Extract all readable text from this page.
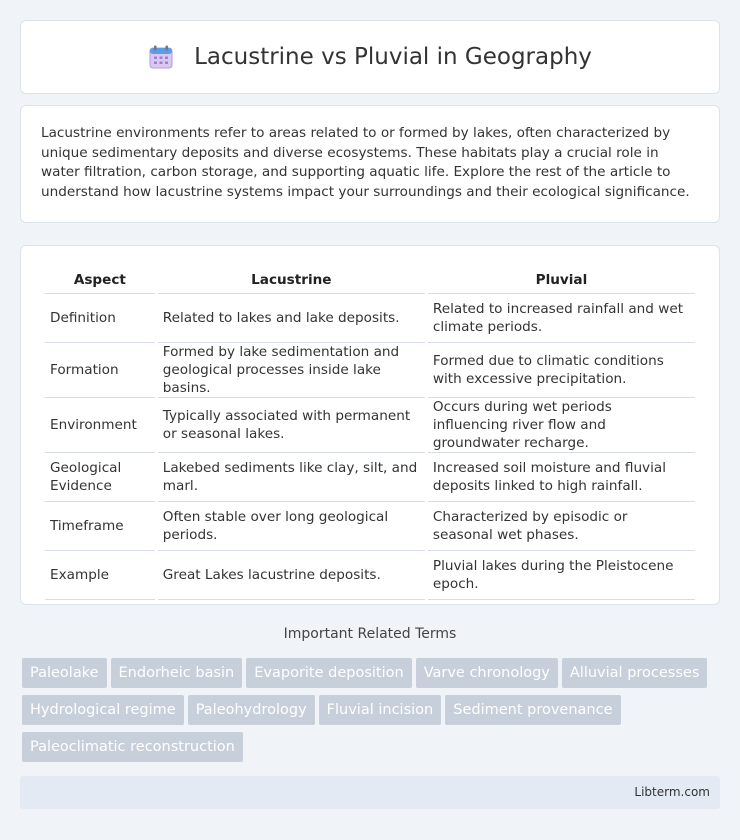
Lacustrine vs Pluvial in Geography

Lacustrine environments refer to areas related to or formed by lakes, often characterized by unique sedimentary deposits and diverse ecosystems. These habitats play a crucial role in water filtration, carbon storage, and supporting aquatic life. Explore the rest of the article to understand how lacustrine systems impact your surroundings and their ecological significance.

Aspect	Lacustrine	Pluvial
Definition	Related to lakes and lake deposits.	Related to increased rainfall and wet climate periods.
Formation	Formed by lake sedimentation and geological processes inside lake basins.	Formed due to climatic conditions with excessive precipitation.
Environment	Typically associated with permanent or seasonal lakes.	Occurs during wet periods influencing river flow and groundwater recharge.
Geological Evidence	Lakebed sediments like clay, silt, and marl.	Increased soil moisture and fluvial deposits linked to high rainfall.
Timeframe	Often stable over long geological periods.	Characterized by episodic or seasonal wet phases.
Example	Great Lakes lacustrine deposits.	Pluvial lakes during the Pleistocene epoch.
Important Related Terms
Paleolake Endorheic basin Evaporite deposition Varve chronology Alluvial processesHydrological regime Paleohydrology Fluvial incision Sediment provenancePaleoclimatic reconstruction
Libterm.com
